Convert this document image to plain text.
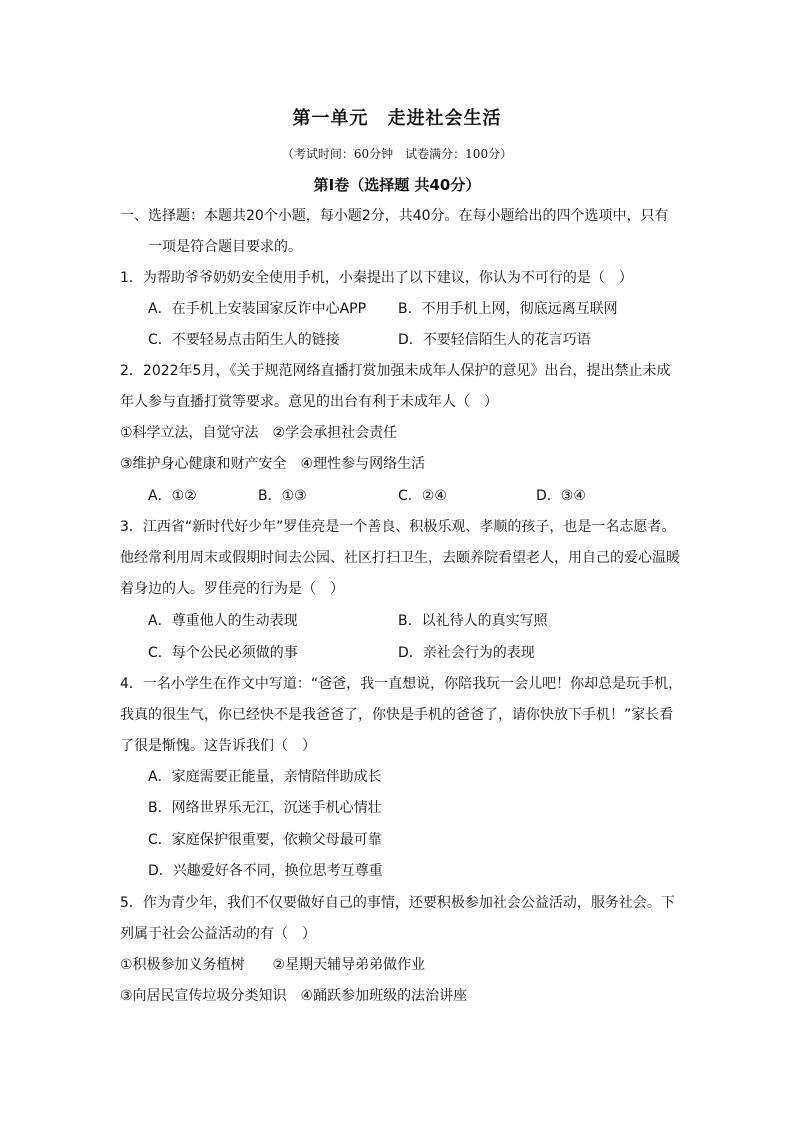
第一单元　走进社会生活
（考试时间：60分钟　试卷满分：100分）
第Ⅰ卷（选择题 共40分）
一、选择题：本题共20个小题，每小题2分，共40分。在每小题给出的四个选项中，只有
一项是符合题目要求的。
1．为帮助爷爷奶奶安全使用手机，小秦提出了以下建议，你认为不可行的是（　）
A．在手机上安装国家反诈中心APP B．不用手机上网，彻底远离互联网
C．不要轻易点击陌生人的链接	D．不要轻信陌生人的花言巧语
2．2022年5月，《关于规范网络直播打赏加强未成年人保护的意见》出台，提出禁止未成
年人参与直播打赏等要求。意见的出台有利于未成年人（　）
①科学立法，自觉守法　②学会承担社会责任
③维护身心健康和财产安全　④理性参与网络生活
A．①②	B．①③	C．②④	D．③④
3．江西省“新时代好少年”罗佳亮是一个善良、积极乐观、孝顺的孩子，也是一名志愿者。
他经常利用周末或假期时间去公园、社区打扫卫生，去颐养院看望老人，用自己的爱心温暖
着身边的人。罗佳亮的行为是（　）
A．尊重他人的生动表现	B．以礼待人的真实写照
C．每个公民必须做的事	D．亲社会行为的表现
4．一名小学生在作文中写道：“爸爸，我一直想说，你陪我玩一会儿吧！你却总是玩手机，
我真的很生气，你已经快不是我爸爸了，你快是手机的爸爸了，请你快放下手机！”家长看
了很是惭愧。这告诉我们（　）
A．家庭需要正能量，亲情陪伴助成长
B．网络世界乐无江，沉迷手机心情壮
C．家庭保护很重要，依赖父母最可靠
D．兴趣爱好各不同，换位思考互尊重
5．作为青少年，我们不仅要做好自己的事情，还要积极参加社会公益活动，服务社会。下
列属于社会公益活动的有（　）
①积极参加义务植树　　②星期天辅导弟弟做作业
③向居民宣传垃圾分类知识　④踊跃参加班级的法治讲座
